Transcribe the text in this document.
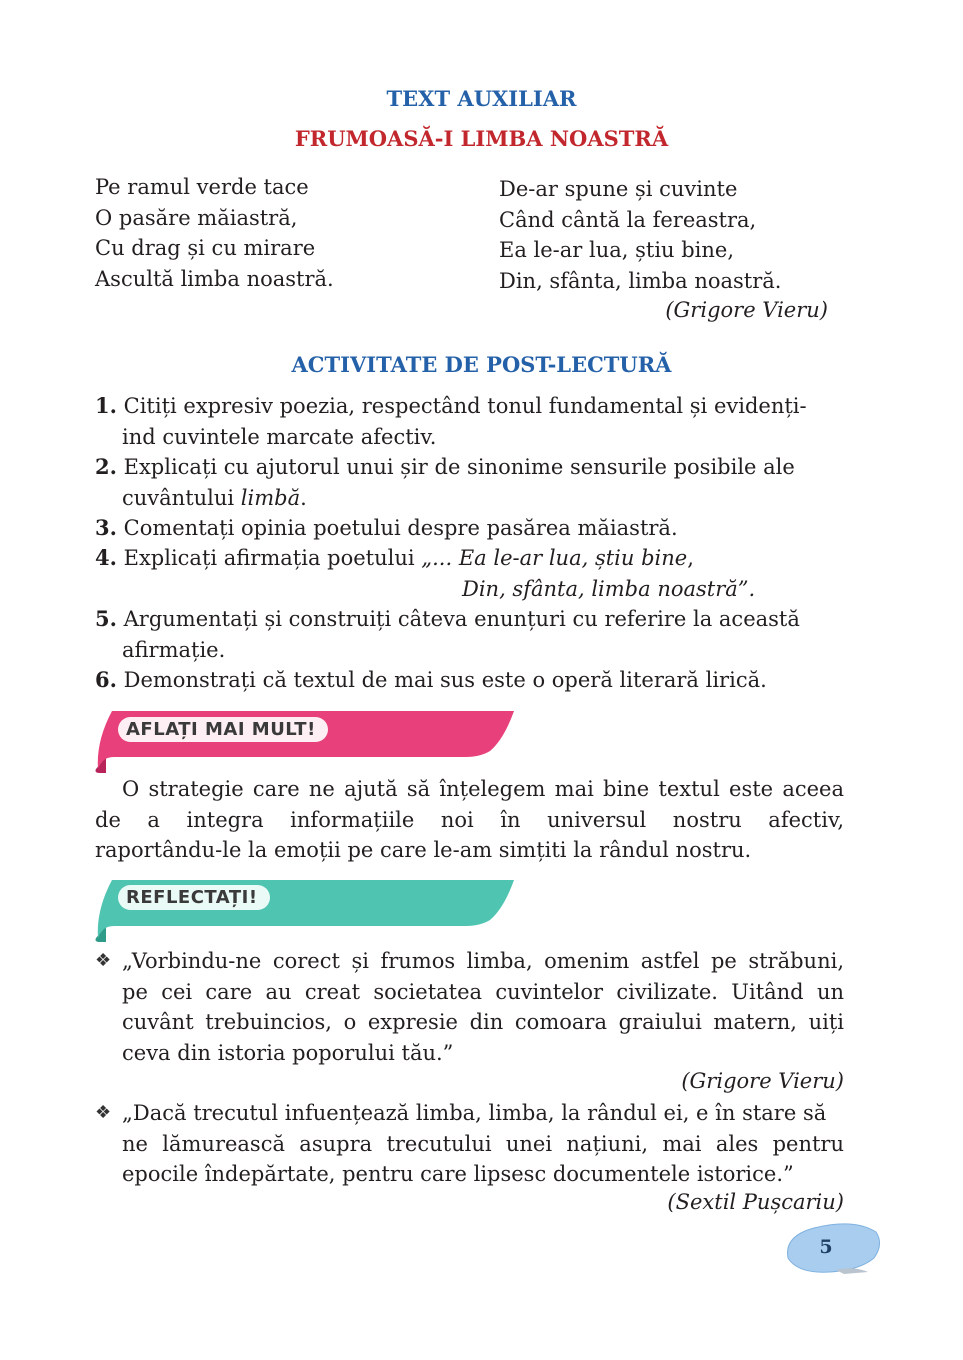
TEXT AUXILIAR
FRUMOASĂ-I LIMBA NOASTRĂ
Pe ramul verde tace
O pasăre măiastră,
Cu drag și cu mirare
Ascultă limba noastră.
De-ar spune și cuvinte
Când cântă la fereastra,
Ea le-ar lua, știu bine,
Din, sfânta, limba noastră.
(Grigore Vieru)
ACTIVITATE DE POST-LECTURĂ
1. Citiți expresiv poezia, respectând tonul fundamental și evidenți-
ind cuvintele marcate afectiv.
2. Explicați cu ajutorul unui șir de sinonime sensurile posibile ale
cuvântului limbă.
3. Comentați opinia poetului despre pasărea măiastră.
4. Explicați afirmația poetului „... Ea le-ar lua, știu bine,
Din, sfânta, limba noastră”.
5. Argumentați și construiți câteva enunțuri cu referire la această
afirmație.
6. Demonstrați că textul de mai sus este o operă literară lirică.
AFLAȚI MAI MULT!
O strategie care ne ajută să înțelegem mai bine textul este aceea
de a integra informațiile noi în universul nostru afectiv,
raportându-le la emoții pe care le-am simțiti la rândul nostru.
REFLECTAȚI!
❖ „Vorbindu-ne corect și frumos limba, omenim astfel pe străbuni,
pe cei care au creat societatea cuvintelor civilizate. Uitând un
cuvânt trebuincios, o expresie din comoara graiului matern, uiți
ceva din istoria poporului tău.”
(Grigore Vieru)
❖ „Dacă trecutul infuențează limba, limba, la rândul ei, e în stare să
ne lămurească asupra trecutului unei națiuni, mai ales pentru
epocile îndepărtate, pentru care lipsesc documentele istorice.”
(Sextil Pușcariu)
5
